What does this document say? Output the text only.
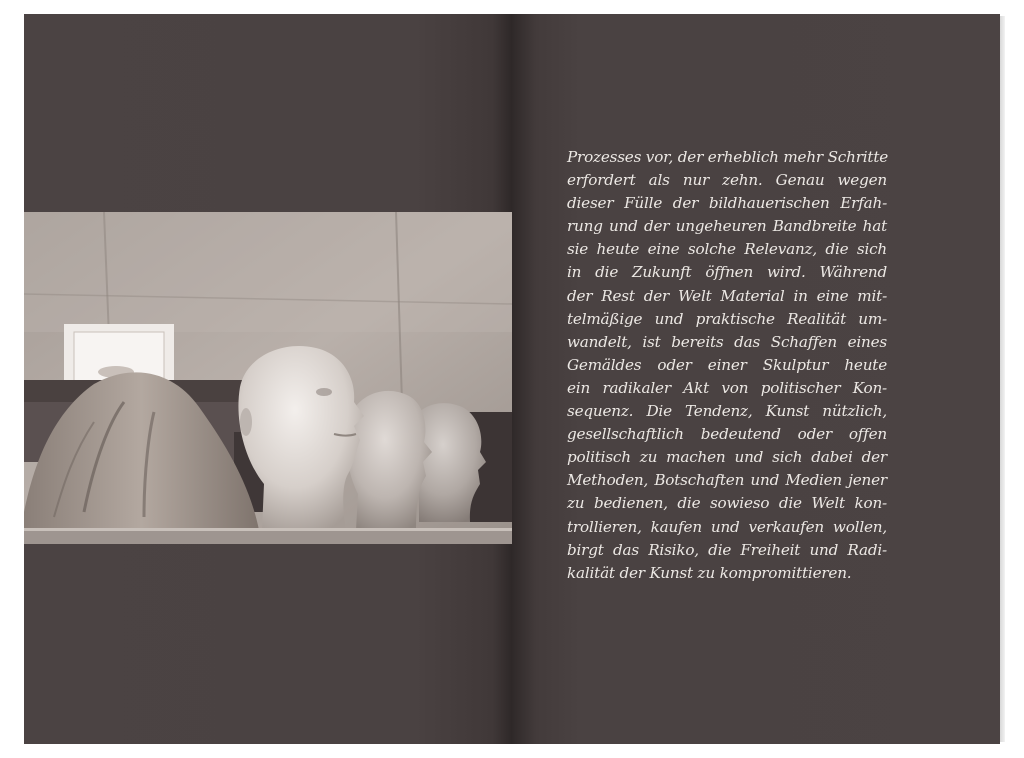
Prozesses vor, der erheblich mehr Schritte
erfordert als nur zehn. Genau wegen
dieser Fülle der bildhauerischen Erfah-
rung und der ungeheuren Bandbreite hat
sie heute eine solche Relevanz, die sich
in die Zukunft öffnen wird. Während
der Rest der Welt Material in eine mit-
telmäßige und praktische Realität um-
wandelt, ist bereits das Schaffen eines
Gemäldes oder einer Skulptur heute
ein radikaler Akt von politischer Kon-
sequenz. Die Tendenz, Kunst nützlich,
gesellschaftlich bedeutend oder offen
politisch zu machen und sich dabei der
Methoden, Botschaften und Medien jener
zu bedienen, die sowieso die Welt kon-
trollieren, kaufen und verkaufen wollen,
birgt das Risiko, die Freiheit und Radi-
kalität der Kunst zu kompromittieren.
